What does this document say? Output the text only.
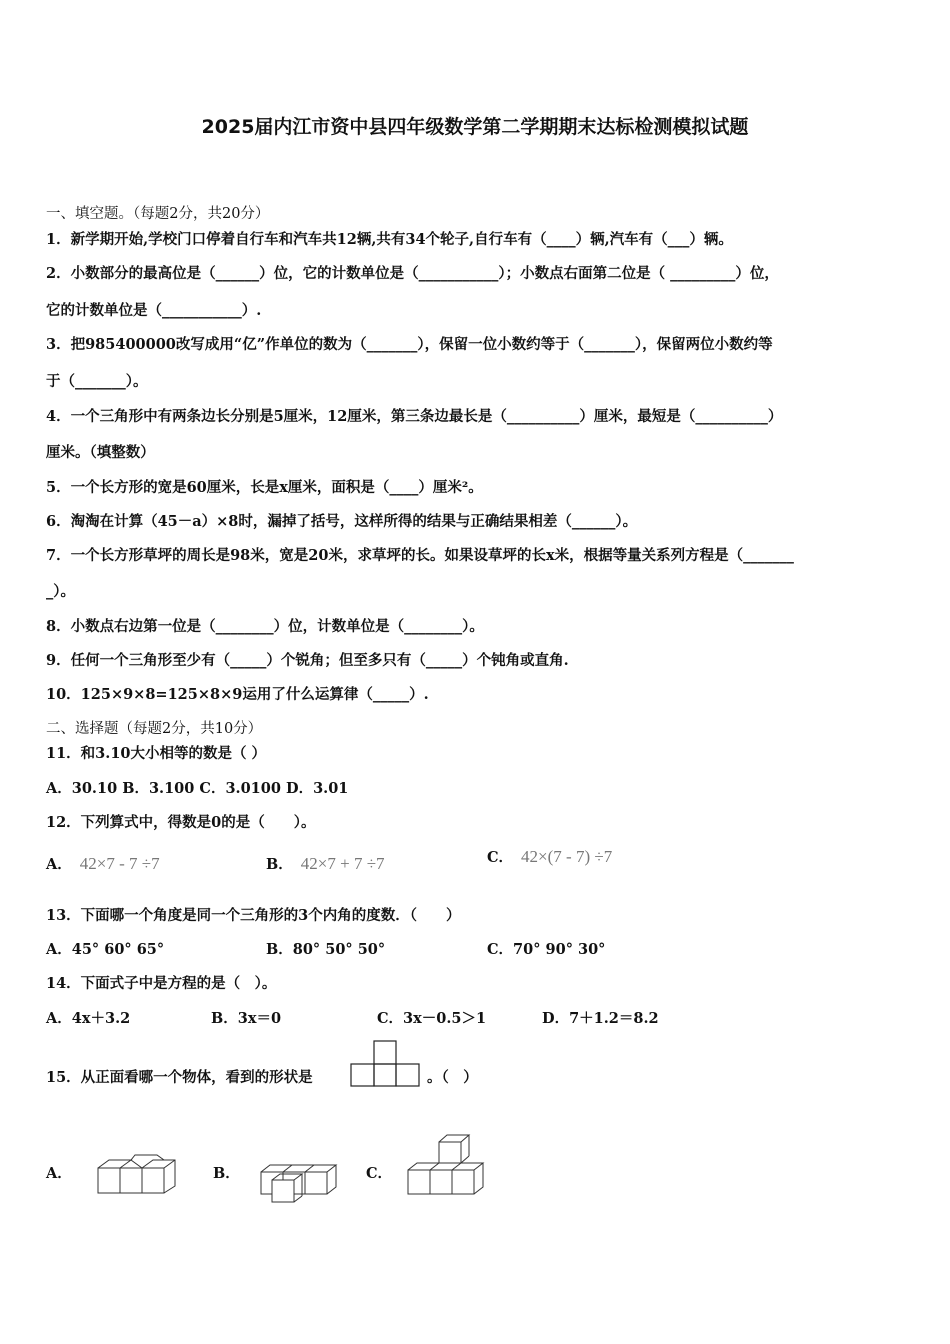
2025届内江市资中县四年级数学第二学期期末达标检测模拟试题
一、填空题。（每题2分，共20分）
1．新学期开始,学校门口停着自行车和汽车共12辆,共有34个轮子,自行车有（____）辆,汽车有（___）辆。
2．小数部分的最高位是（______）位，它的计数单位是（___________）；小数点右面第二位是（ _________）位，
它的计数单位是（___________）.
3．把985400000改写成用“亿”作单位的数为（_______），保留一位小数约等于（_______），保留两位小数约等
于（_______）。
4．一个三角形中有两条边长分别是5厘米，12厘米，第三条边最长是（__________）厘米，最短是（__________）
厘米。（填整数）
5．一个长方形的宽是60厘米，长是x厘米，面积是（____）厘米²。
6．淘淘在计算（45－a）×8时，漏掉了括号，这样所得的结果与正确结果相差（______）。
7．一个长方形草坪的周长是98米，宽是20米，求草坪的长。如果设草坪的长x米，根据等量关系列方程是（_______
_）。
8．小数点右边第一位是（________）位，计数单位是（________）。
9．任何一个三角形至少有（_____）个锐角；但至多只有（_____）个钝角或直角.
10．125×9×8=125×8×9运用了什么运算律（_____）.
二、选择题（每题2分，共10分）
11．和3.10大小相等的数是（ ）
A．30.10 B．3.100 C．3.0100 D．3.01
12．下列算式中，得数是0的是（　　）。
A． 42×7 - 7 ÷7	B． 42×7 + 7 ÷7	C． 42×(7 - 7) ÷7
13．下面哪一个角度是同一个三角形的3个内角的度数．（　　）
A．45° 60° 65°	B．80° 50° 50°	C．70° 90° 30°
14．下面式子中是方程的是（　）。
A．4x＋3.2	B．3x＝0	C．3x－0.5＞1	D．7＋1.2＝8.2
15．从正面看哪一个物体，看到的形状是	。（　）
A．	B．	C．
